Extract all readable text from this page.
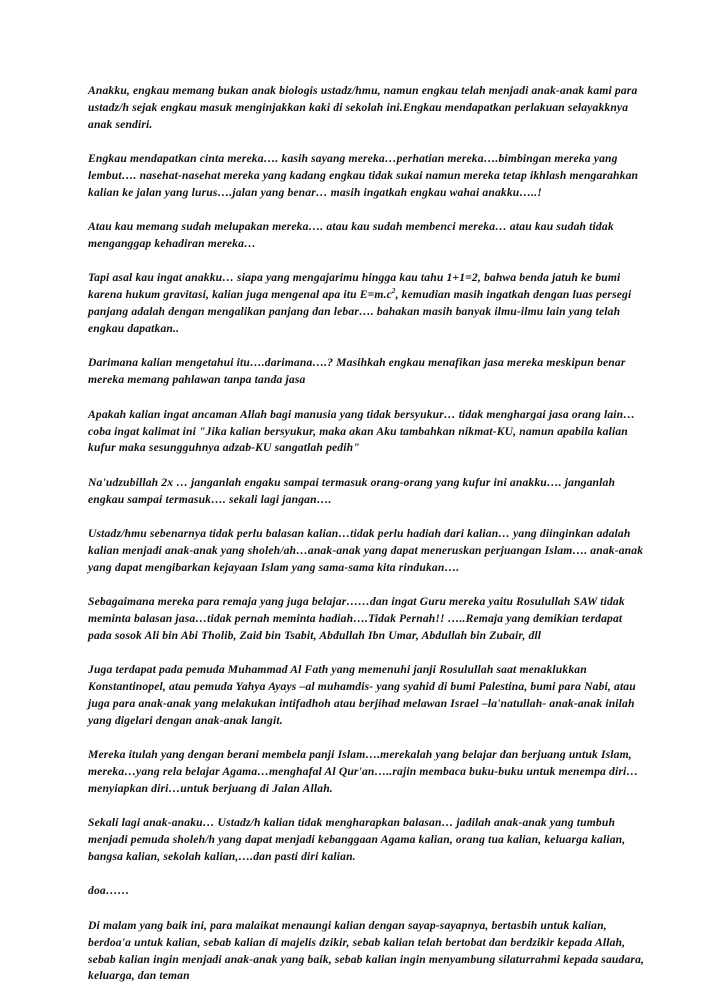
Anakku, engkau memang bukan anak biologis ustadz/hmu, namun engkau telah menjadi anak-anak kami para ustadz/h sejak engkau masuk menginjakkan kaki di sekolah ini.Engkau mendapatkan perlakuan selayakknya anak sendiri.

Engkau mendapatkan cinta mereka…. kasih sayang mereka…perhatian mereka….bimbingan mereka yang lembut…. nasehat-nasehat mereka yang kadang engkau tidak sukai namun mereka tetap ikhlash mengarahkan kalian ke jalan yang lurus….jalan yang benar… masih ingatkah engkau wahai anakku…..!

Atau kau memang sudah melupakan mereka…. atau kau sudah membenci mereka… atau kau sudah tidak menganggap kehadiran mereka…

Tapi asal kau ingat anakku… siapa yang mengajarimu hingga kau tahu 1+1=2, bahwa benda jatuh ke bumi karena hukum gravitasi, kalian juga mengenal apa itu $E=m.c^2$, kemudian masih ingatkah dengan luas persegi panjang adalah dengan mengalikan panjang dan lebar…. bahakan masih banyak ilmu-ilmu lain yang telah engkau dapatkan..

Darimana kalian mengetahui itu….darimana….? Masihkah engkau menafikan jasa mereka meskipun benar mereka memang pahlawan tanpa tanda jasa

Apakah kalian ingat ancaman Allah bagi manusia yang tidak bersyukur… tidak menghargai jasa orang lain… coba ingat kalimat ini "Jika kalian bersyukur, maka akan Aku tambahkan nikmat-KU, namun apabila kalian kufur maka sesungguhnya adzab-KU sangatlah pedih"

Na'udzubillah 2x … janganlah engaku sampai termasuk orang-orang yang kufur ini anakku…. janganlah engkau sampai termasuk…. sekali lagi jangan….

Ustadz/hmu sebenarnya tidak perlu balasan kalian…tidak perlu hadiah dari kalian… yang diinginkan adalah kalian menjadi anak-anak yang sholeh/ah…anak-anak yang dapat meneruskan perjuangan Islam…. anak-anak yang dapat mengibarkan kejayaan Islam yang sama-sama kita rindukan….

Sebagaimana mereka para remaja yang juga belajar……dan ingat Guru mereka yaitu Rosulullah SAW tidak meminta balasan jasa…tidak pernah meminta hadiah….Tidak Pernah!! …..Remaja yang demikian terdapat pada sosok Ali bin Abi Tholib, Zaid bin Tsabit, Abdullah Ibn Umar, Abdullah bin Zubair, dll

Juga terdapat pada pemuda Muhammad Al Fath yang memenuhi janji Rosulullah saat menaklukkan Konstantinopel, atau pemuda Yahya Ayays –al muhamdis- yang syahid di bumi Palestina, bumi para Nabi, atau juga para anak-anak yang melakukan intifadhoh atau berjihad melawan Israel –la'natullah- anak-anak inilah yang digelari dengan anak-anak langit.

Mereka itulah yang dengan berani membela panji Islam….merekalah yang belajar dan berjuang untuk Islam, mereka…yang rela belajar Agama…menghafal Al Qur'an…..rajin membaca buku-buku untuk menempa diri…menyiapkan diri…untuk berjuang di Jalan Allah.

Sekali lagi anak-anaku… Ustadz/h kalian tidak mengharapkan balasan… jadilah anak-anak yang tumbuh menjadi pemuda sholeh/h yang dapat menjadi kebanggaan Agama kalian, orang tua kalian, keluarga kalian, bangsa kalian, sekolah kalian,….dan pasti diri kalian.

doa……

Di malam yang baik ini, para malaikat menaungi kalian dengan sayap-sayapnya, bertasbih untuk kalian, berdoa'a untuk kalian, sebab kalian di majelis dzikir, sebab kalian telah bertobat dan berdzikir kepada Allah, sebab kalian ingin menjadi anak-anak yang baik, sebab kalian ingin menyambung silaturrahmi kepada saudara, keluarga, dan teman
